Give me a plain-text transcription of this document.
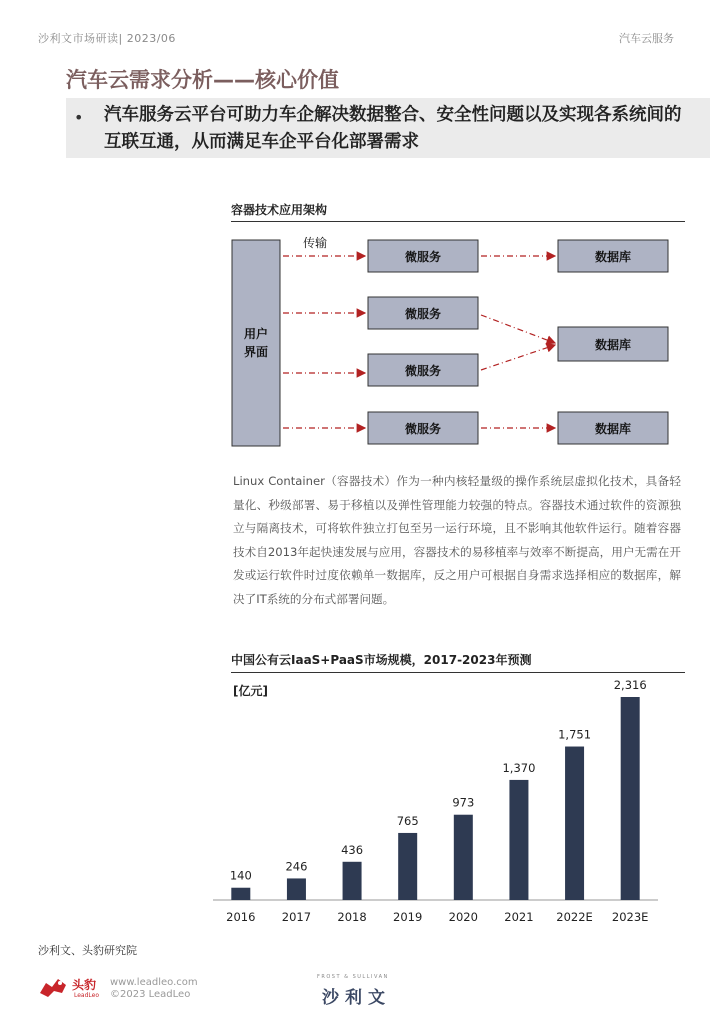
沙利文市场研读| 2023/06	汽车云服务
汽车云需求分析——核心价值
• 汽车服务云平台可助力车企解决数据整合、安全性问题以及实现各系统间的互联互通，从而满足车企平台化部署需求
容器技术应用架构
用户
界面
传输
微服务
微服务
微服务
微服务
数据库
数据库
数据库
Linux Container（容器技术）作为一种内核轻量级的操作系统层虚拟化技术，具备轻量化、秒级部署、易于移植以及弹性管理能力较强的特点。容器技术通过软件的资源独立与隔离技术，可将软件独立打包至另一运行环境，且不影响其他软件运行。随着容器技术自2013年起快速发展与应用，容器技术的易移植率与效率不断提高，用户无需在开发或运行软件时过度依赖单一数据库，反之用户可根据自身需求选择相应的数据库，解决了IT系统的分布式部署问题。
中国公有云IaaS+PaaS市场规模，2017-2023年预测
[亿元]
140
2016
246
2017
436
2018
765
2019
973
2020
1,370
2021
1,751
2022E
2,316
2023E
沙利文、头豹研究院
头豹
LeadLeo
www.leadleo.com
©2023 LeadLeo
FROST & SULLIVAN
沙利文
